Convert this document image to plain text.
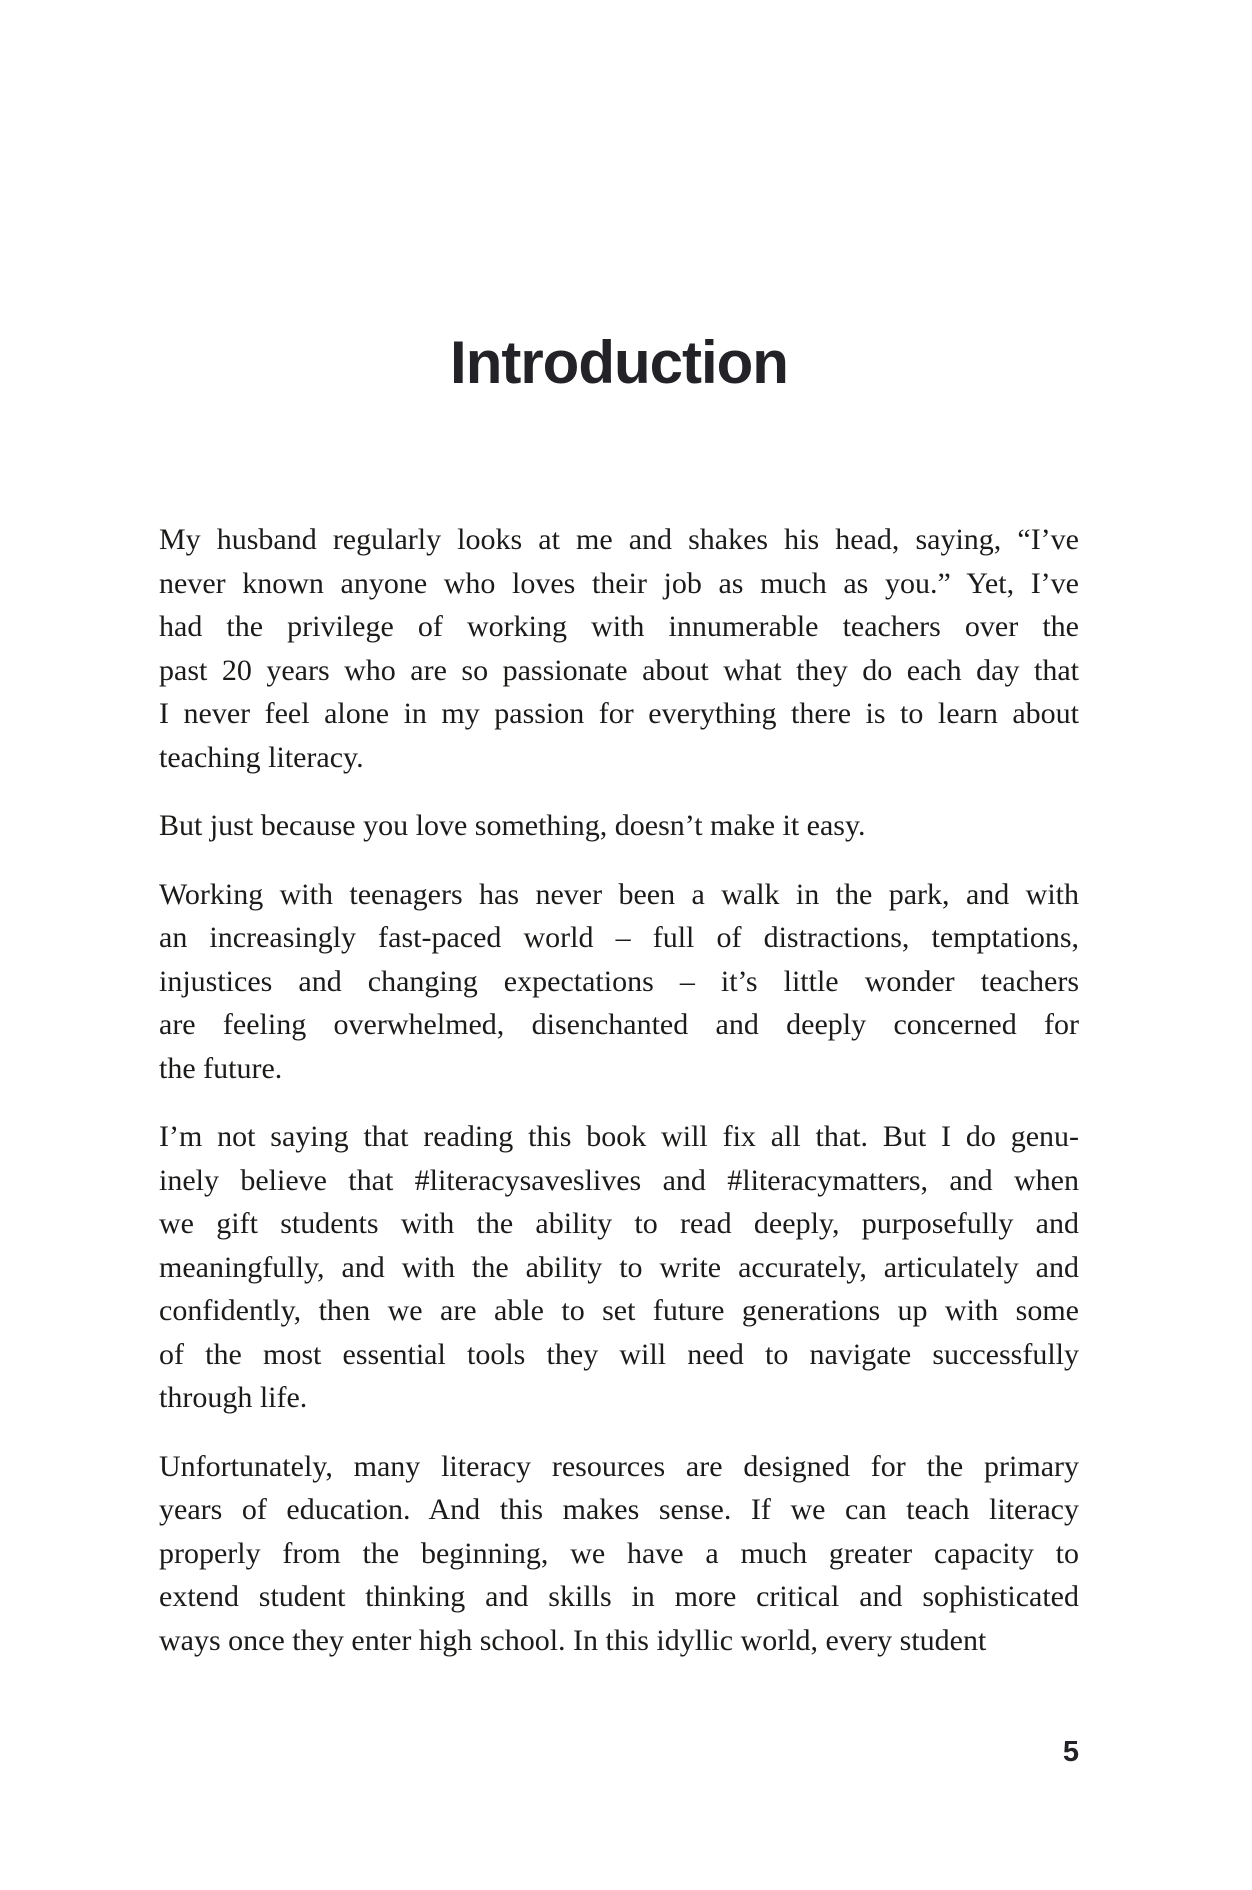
Introduction
My husband regularly looks at me and shakes his head, saying, “I’ve
never known anyone who loves their job as much as you.” Yet, I’ve
had the privilege of working with innumerable teachers over the
past 20 years who are so passionate about what they do each day that
I never feel alone in my passion for everything there is to learn about
teaching literacy.
But just because you love something, doesn’t make it easy.
Working with teenagers has never been a walk in the park, and with
an increasingly fast-paced world – full of distractions, temptations,
injustices and changing expectations – it’s little wonder teachers
are feeling overwhelmed, disenchanted and deeply concerned for
the future.
I’m not saying that reading this book will fix all that. But I do genu-
inely believe that #literacysaveslives and #literacymatters, and when
we gift students with the ability to read deeply, purposefully and
meaningfully, and with the ability to write accurately, articulately and
confidently, then we are able to set future generations up with some
of the most essential tools they will need to navigate successfully
through life.
Unfortunately, many literacy resources are designed for the primary
years of education. And this makes sense. If we can teach literacy
properly from the beginning, we have a much greater capacity to
extend student thinking and skills in more critical and sophisticated
ways once they enter high school. In this idyllic world, every student
5
